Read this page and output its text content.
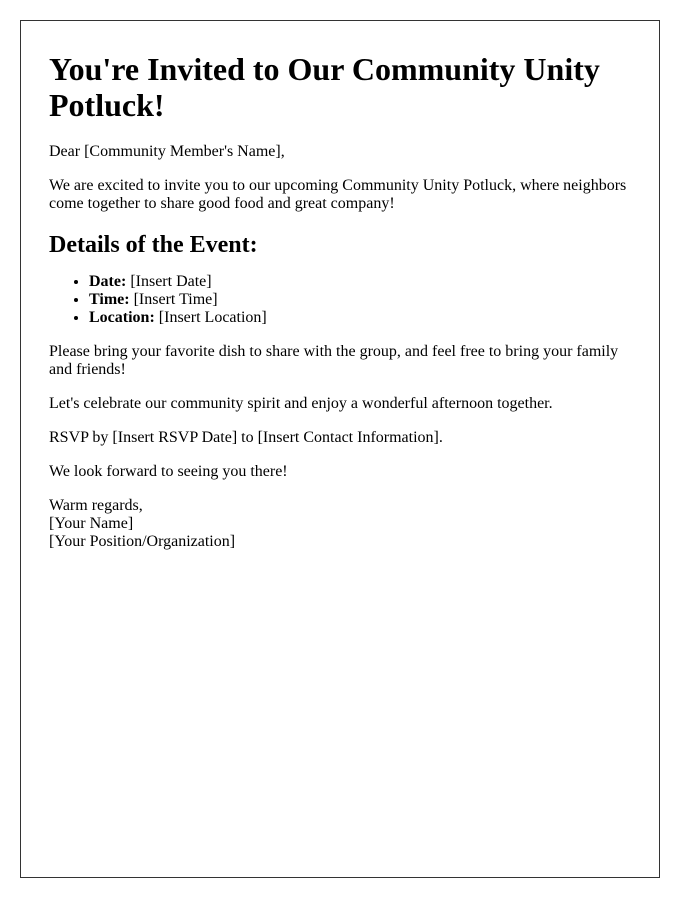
You're Invited to Our Community Unity Potluck!

Dear [Community Member's Name],

We are excited to invite you to our upcoming Community Unity Potluck, where neighbors come together to share good food and great company!

Details of the Event:
• Date: [Insert Date]
• Time: [Insert Time]
• Location: [Insert Location]

Please bring your favorite dish to share with the group, and feel free to bring your family and friends!

Let's celebrate our community spirit and enjoy a wonderful afternoon together.

RSVP by [Insert RSVP Date] to [Insert Contact Information].

We look forward to seeing you there!

Warm regards,

[Your Name]

[Your Position/Organization]
